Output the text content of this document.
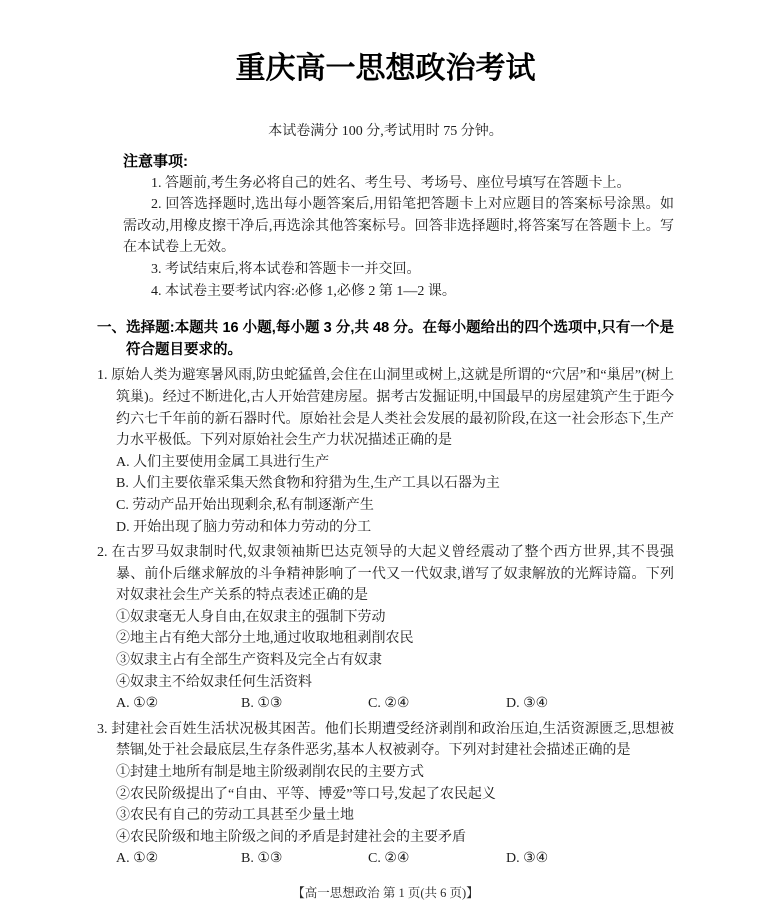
重庆高一思想政治考试

本试卷满分 100 分,考试用时 75 分钟。

注意事项:

1. 答题前,考生务必将自己的姓名、考生号、考场号、座位号填写在答题卡上。

2. 回答选择题时,选出每小题答案后,用铅笔把答题卡上对应题目的答案标号涂黑。如需改动,用橡皮擦干净后,再选涂其他答案标号。回答非选择题时,将答案写在答题卡上。写在本试卷上无效。

3. 考试结束后,将本试卷和答题卡一并交回。

4. 本试卷主要考试内容:必修 1,必修 2 第 1—2 课。

一、选择题:本题共 16 小题,每小题 3 分,共 48 分。在每小题给出的四个选项中,只有一个是符合题目要求的。

1. 原始人类为避寒暑风雨,防虫蛇猛兽,会住在山洞里或树上,这就是所谓的“穴居”和“巢居”(树上筑巢)。经过不断进化,古人开始营建房屋。据考古发掘证明,中国最早的房屋建筑产生于距今约六七千年前的新石器时代。原始社会是人类社会发展的最初阶段,在这一社会形态下,生产力水平极低。下列对原始社会生产力状况描述正确的是

A. 人们主要使用金属工具进行生产

B. 人们主要依靠采集天然食物和狩猎为生,生产工具以石器为主

C. 劳动产品开始出现剩余,私有制逐渐产生

D. 开始出现了脑力劳动和体力劳动的分工

2. 在古罗马奴隶制时代,奴隶领袖斯巴达克领导的大起义曾经震动了整个西方世界,其不畏强暴、前仆后继求解放的斗争精神影响了一代又一代奴隶,谱写了奴隶解放的光辉诗篇。下列对奴隶社会生产关系的特点表述正确的是

①奴隶毫无人身自由,在奴隶主的强制下劳动

②地主占有绝大部分土地,通过收取地租剥削农民

③奴隶主占有全部生产资料及完全占有奴隶

④奴隶主不给奴隶任何生活资料

A. ①②	B. ①③	C. ②④	D. ③④

3. 封建社会百姓生活状况极其困苦。他们长期遭受经济剥削和政治压迫,生活资源匮乏,思想被禁锢,处于社会最底层,生存条件恶劣,基本人权被剥夺。下列对封建社会描述正确的是

①封建土地所有制是地主阶级剥削农民的主要方式

②农民阶级提出了“自由、平等、博爱”等口号,发起了农民起义

③农民有自己的劳动工具甚至少量土地

④农民阶级和地主阶级之间的矛盾是封建社会的主要矛盾

A. ①②	B. ①③	C. ②④	D. ③④
【高一思想政治 第 1 页(共 6 页)】
